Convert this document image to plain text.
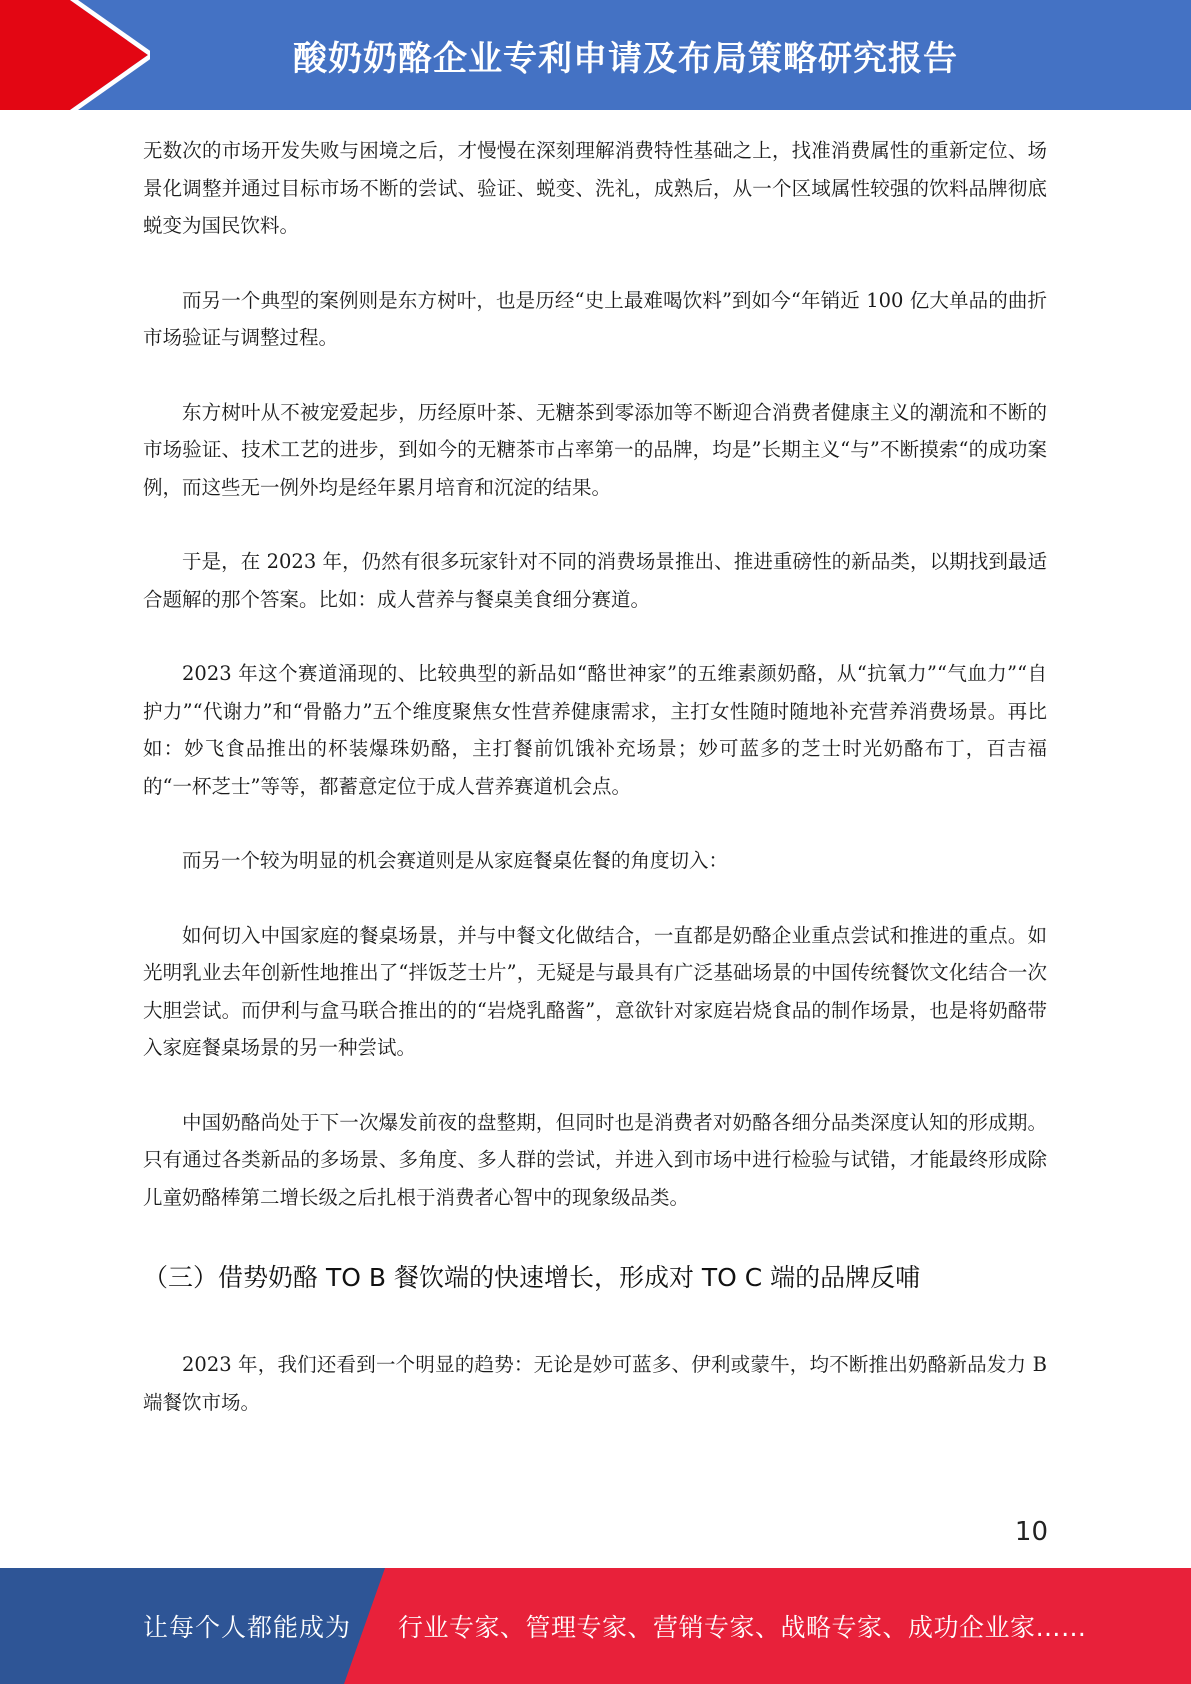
酸奶奶酪企业专利申请及布局策略研究报告

无数次的市场开发失败与困境之后，才慢慢在深刻理解消费特性基础之上，找准消费属性的重新定位、场景化调整并通过目标市场不断的尝试、验证、蜕变、洗礼，成熟后，从一个区域属性较强的饮料品牌彻底蜕变为国民饮料。

而另一个典型的案例则是东方树叶，也是历经“史上最难喝饮料”到如今“年销近 100 亿大单品的曲折市场验证与调整过程。

东方树叶从不被宠爱起步，历经原叶茶、无糖茶到零添加等不断迎合消费者健康主义的潮流和不断的市场验证、技术工艺的进步，到如今的无糖茶市占率第一的品牌，均是”长期主义“与”不断摸索“的成功案例，而这些无一例外均是经年累月培育和沉淀的结果。

于是，在 2023 年，仍然有很多玩家针对不同的消费场景推出、推进重磅性的新品类，以期找到最适合题解的那个答案。比如：成人营养与餐桌美食细分赛道。

2023 年这个赛道涌现的、比较典型的新品如“酪世神家”的五维素颜奶酪，从“抗氧力”“气血力”“自护力”“代谢力”和“骨骼力”五个维度聚焦女性营养健康需求，主打女性随时随地补充营养消费场景。再比如：妙飞食品推出的杯装爆珠奶酪，主打餐前饥饿补充场景；妙可蓝多的芝士时光奶酪布丁，百吉福的“一杯芝士”等等，都蓄意定位于成人营养赛道机会点。

而另一个较为明显的机会赛道则是从家庭餐桌佐餐的角度切入：

如何切入中国家庭的餐桌场景，并与中餐文化做结合，一直都是奶酪企业重点尝试和推进的重点。如光明乳业去年创新性地推出了“拌饭芝士片”，无疑是与最具有广泛基础场景的中国传统餐饮文化结合一次大胆尝试。而伊利与盒马联合推出的的“岩烧乳酪酱”，意欲针对家庭岩烧食品的制作场景，也是将奶酪带入家庭餐桌场景的另一种尝试。

中国奶酪尚处于下一次爆发前夜的盘整期，但同时也是消费者对奶酪各细分品类深度认知的形成期。只有通过各类新品的多场景、多角度、多人群的尝试，并进入到市场中进行检验与试错，才能最终形成除儿童奶酪棒第二增长级之后扎根于消费者心智中的现象级品类。

（三）借势奶酪 TO B 餐饮端的快速增长，形成对 TO C 端的品牌反哺

2023 年，我们还看到一个明显的趋势：无论是妙可蓝多、伊利或蒙牛，均不断推出奶酪新品发力 B 端餐饮市场。

10
让每个人都能成为 行业专家、管理专家、营销专家、战略专家、成功企业家……
